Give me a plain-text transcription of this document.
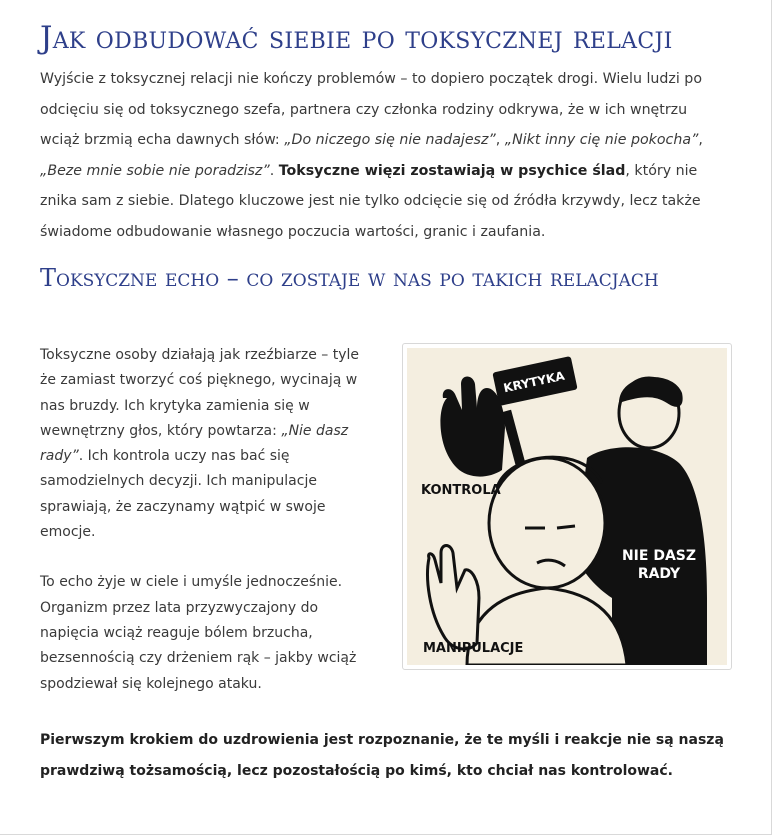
Jak odbudować siebie po toksycznej relacji

Wyjście z toksycznej relacji nie kończy problemów – to dopiero początek drogi. Wielu ludzi po odcięciu się od toksycznego szefa, partnera czy członka rodziny odkrywa, że w ich wnętrzu wciąż brzmią echa dawnych słów: „Do niczego się nie nadajesz”, „Nikt inny cię nie pokocha”, „Beze mnie sobie nie poradzisz”. Toksyczne więzi zostawiają w psychice ślad, który nie znika sam z siebie. Dlatego kluczowe jest nie tylko odcięcie się od źródła krzywdy, lecz także świadome odbudowanie własnego poczucia wartości, granic i zaufania.

Toksyczne echo – co zostaje w nas po takich relacjach

Toksyczne osoby działają jak rzeźbiarze – tyle że zamiast tworzyć coś pięknego, wycinają w nas bruzdy. Ich krytyka zamienia się w wewnętrzny głos, który powtarza: „Nie dasz rady”. Ich kontrola uczy nas bać się samodzielnych decyzji. Ich manipulacje sprawiają, że zaczynamy wątpić w swoje emocje.

To echo żyje w ciele i umyśle jednocześnie. Organizm przez lata przyzwyczajony do napięcia wciąż reaguje bólem brzucha, bezsennością czy drżeniem rąk – jakby wciąż spodziewał się kolejnego ataku.

KRYTYKA
KONTROLA
NIE DASZ
RADY
MANIPULACJE

Pierwszym krokiem do uzdrowienia jest rozpoznanie, że te myśli i reakcje nie są naszą prawdziwą tożsamością, lecz pozostałością po kimś, kto chciał nas kontrolować.
